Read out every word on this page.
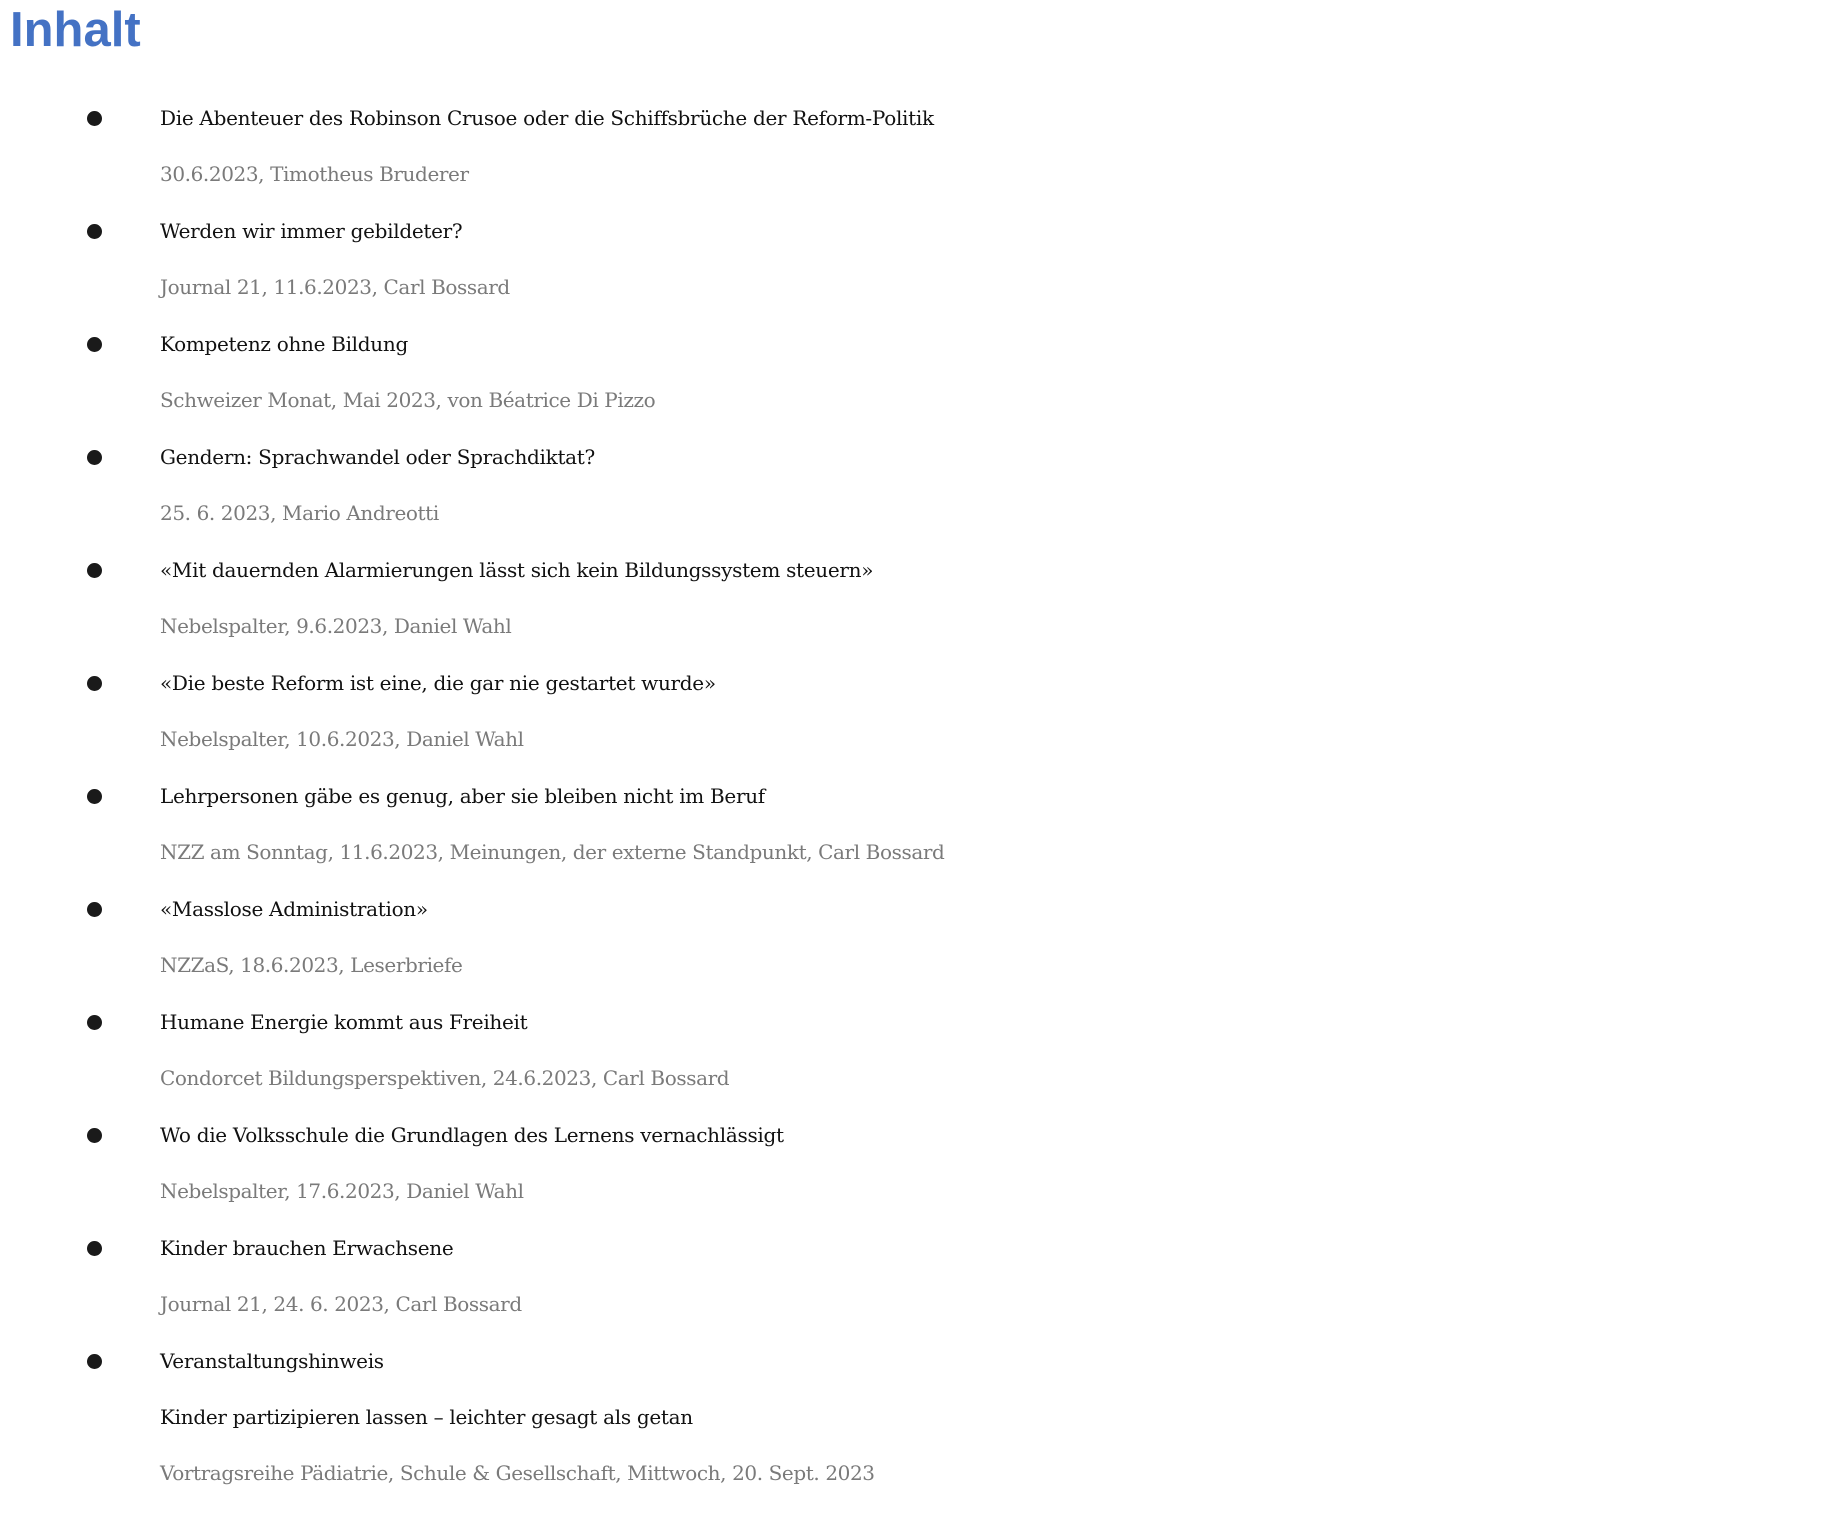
Inhalt
Die Abenteuer des Robinson Crusoe oder die Schiffsbrüche der Reform-Politik
30.6.2023, Timotheus Bruderer
Werden wir immer gebildeter?
Journal 21, 11.6.2023, Carl Bossard
Kompetenz ohne Bildung
Schweizer Monat, Mai 2023, von Béatrice Di Pizzo
Gendern: Sprachwandel oder Sprachdiktat?
25. 6. 2023, Mario Andreotti
«Mit dauernden Alarmierungen lässt sich kein Bildungssystem steuern»
Nebelspalter, 9.6.2023, Daniel Wahl
«Die beste Reform ist eine, die gar nie gestartet wurde»
Nebelspalter, 10.6.2023, Daniel Wahl
Lehrpersonen gäbe es genug, aber sie bleiben nicht im Beruf
NZZ am Sonntag, 11.6.2023, Meinungen, der externe Standpunkt, Carl Bossard
«Masslose Administration»
NZZaS, 18.6.2023, Leserbriefe
Humane Energie kommt aus Freiheit
Condorcet Bildungsperspektiven, 24.6.2023, Carl Bossard
Wo die Volksschule die Grundlagen des Lernens vernachlässigt
Nebelspalter, 17.6.2023, Daniel Wahl
Kinder brauchen Erwachsene
Journal 21, 24. 6. 2023, Carl Bossard
Veranstaltungshinweis
Kinder partizipieren lassen – leichter gesagt als getan
Vortragsreihe Pädiatrie, Schule & Gesellschaft, Mittwoch, 20. Sept. 2023
